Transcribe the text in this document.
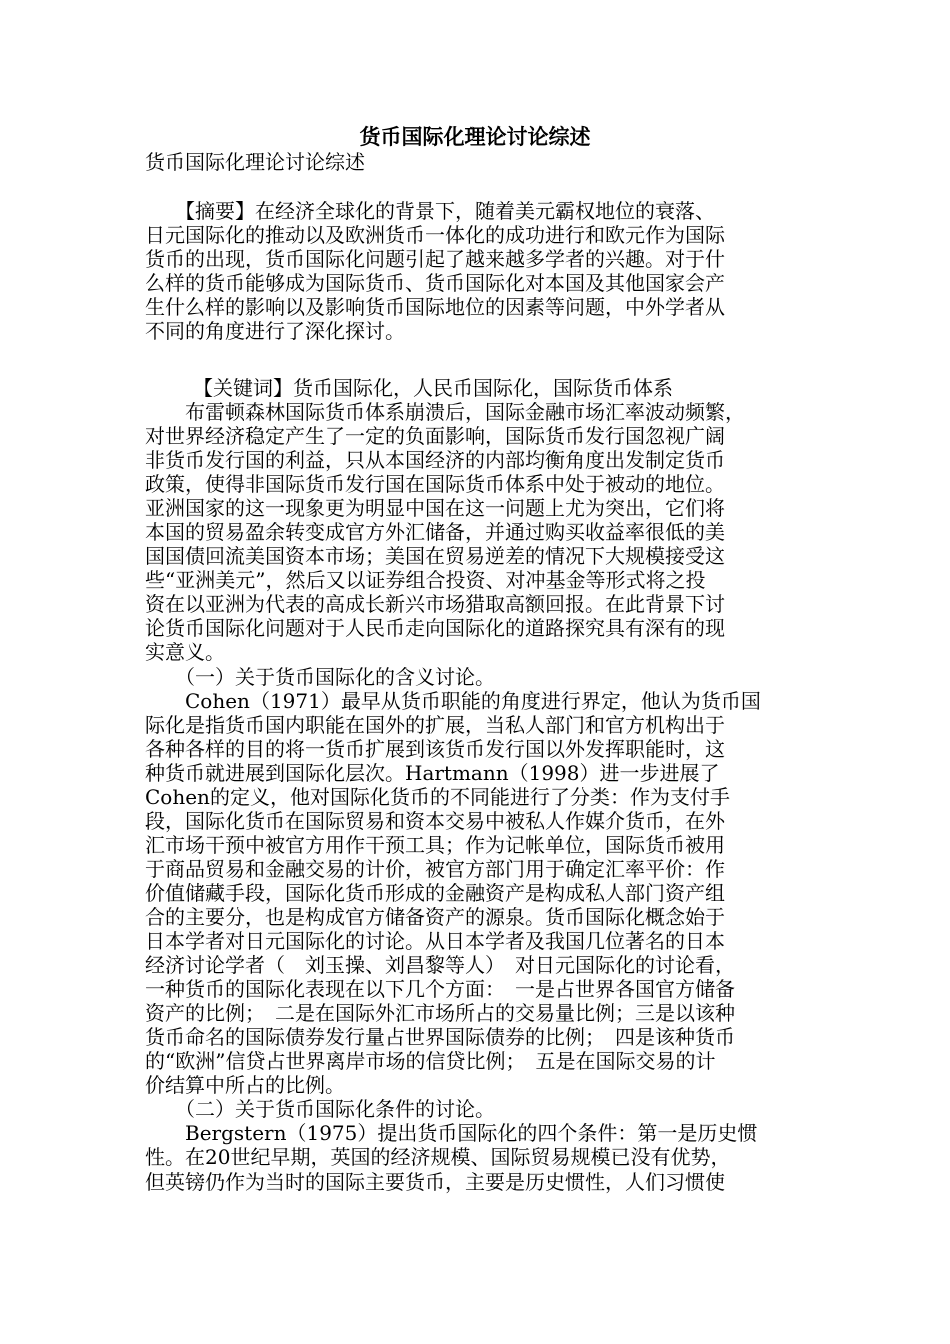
货币国际化理论讨论综述

货币国际化理论讨论综述

　　【摘要】在经济全球化的背景下，随着美元霸权地位的衰落、
日元国际化的推动以及欧洲货币一体化的成功进行和欧元作为国际
货币的出现，货币国际化问题引起了越来越多学者的兴趣。对于什
么样的货币能够成为国际货币、货币国际化对本国及其他国家会产
生什么样的影响以及影响货币国际地位的因素等问题，中外学者从
不同的角度进行了深化探讨。

【关键词】货币国际化，人民币国际化，国际货币体系

　　布雷顿森林国际货币体系崩溃后，国际金融市场汇率波动频繁，
对世界经济稳定产生了一定的负面影响，国际货币发行国忽视广阔
非货币发行国的利益，只从本国经济的内部均衡角度出发制定货币
政策，使得非国际货币发行国在国际货币体系中处于被动的地位。
亚洲国家的这一现象更为明显中国在这一问题上尤为突出，它们将
本国的贸易盈余转变成官方外汇储备，并通过购买收益率很低的美
国国债回流美国资本市场；美国在贸易逆差的情况下大规模接受这
些“亚洲美元”，然后又以证券组合投资、对冲基金等形式将之投
资在以亚洲为代表的高成长新兴市场猎取高额回报。在此背景下讨
论货币国际化问题对于人民币走向国际化的道路探究具有深有的现
实意义。
　　（一）关于货币国际化的含义讨论。
　　Cohen（1971）最早从货币职能的角度进行界定，他认为货币国
际化是指货币国内职能在国外的扩展，当私人部门和官方机构出于
各种各样的目的将一货币扩展到该货币发行国以外发挥职能时，这
种货币就进展到国际化层次。Hartmann（1998）进一步进展了
Cohen的定义，他对国际化货币的不同能进行了分类：作为支付手
段，国际化货币在国际贸易和资本交易中被私人作媒介货币，在外
汇市场干预中被官方用作干预工具；作为记帐单位，国际货币被用
于商品贸易和金融交易的计价，被官方部门用于确定汇率平价：作
价值储藏手段，国际化货币形成的金融资产是构成私人部门资产组
合的主要分，也是构成官方储备资产的源泉。货币国际化概念始于
日本学者对日元国际化的讨论。从日本学者及我国几位著名的日本
经济讨论学者（　刘玉操、刘昌黎等人）　对日元国际化的讨论看，
一种货币的国际化表现在以下几个方面：　一是占世界各国官方储备
资产的比例；　二是在国际外汇市场所占的交易量比例；三是以该种
货币命名的国际债券发行量占世界国际债券的比例；　四是该种货币
的“欧洲”信贷占世界离岸市场的信贷比例；　五是在国际交易的计
价结算中所占的比例。
　　（二）关于货币国际化条件的讨论。
　　Bergstern（1975）提出货币国际化的四个条件：第一是历史惯
性。在20世纪早期，英国的经济规模、国际贸易规模已没有优势，
但英镑仍作为当时的国际主要货币，主要是历史惯性，人们习惯使
